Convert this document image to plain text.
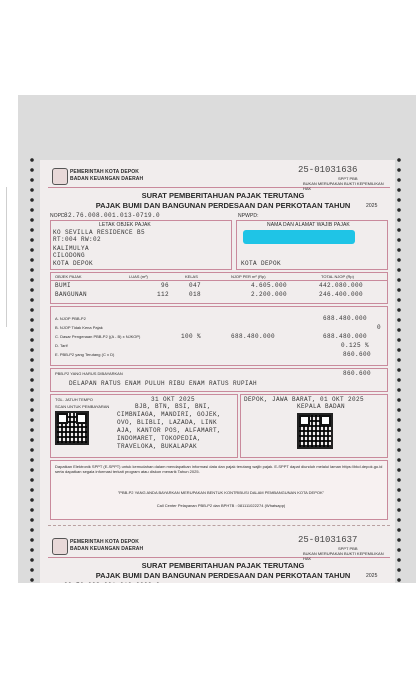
PEMERINTAH KOTA DEPOK
BADAN KEUANGAN DAERAH
25-01031636
SPPT PBB
BUKAN MERUPAKAN BUKTI KEPEMILIKAN HAK
SURAT PEMBERITAHUAN PAJAK TERUTANG
PAJAK BUMI DAN BANGUNAN PERDESAAN DAN PERKOTAAN TAHUN	2025
NOPD:
32.76.008.001.013-0719.0	NPWPD:
LETAK OBJEK PAJAK
KO SEVILLA RESIDENCE B5
RT:004 RW:02
KALIMULYA
CILODONG
KOTA DEPOK
NAMA DAN ALAMAT WAJIB PAJAK
KOTA DEPOK
OBJEK PAJAK	LUAS (m²)	KELAS	NJOP PER m² (Rp)	TOTAL NJOP (Rp)
BUMI	96	047	4.605.000	442.080.000
BANGUNAN	112	018	2.200.000	246.400.000
A. NJOP PBB-P2	688.480.000
B. NJOP Tidak Kena Pajak	0
C. Dasar Pengenaan PBB-P2 ((A - B) x NJKOP)	100 %	688.480.000	688.480.000
D. Tarif	0.125 %
E. PBB-P2 yang Terutang (C x D)	860.600
PBB-P2 YANG HARUS DIBAYARKAN	860.600
DELAPAN RATUS ENAM PULUH RIBU ENAM RATUS RUPIAH
TGL. JATUH TEMPO	31 OKT 2025
SCAN UNTUK PEMBAYARAN	BJB, BTN, BSI, BNI,
CIMBNIAGA, MANDIRI, GOJEK,
OVO, BLIBLI, LAZADA, LINK
AJA, KANTOR POS, ALFAMART,
INDOMARET, TOKOPEDIA,
TRAVELOKA, BUKALAPAK
DEPOK, JAWA BARAT, 01 OKT 2025
KEPALA BADAN
Dapatkan Elektronik SPPT (E-SPPT) untuk kemudahan dalam mendapatkan informasi data dan pajak terutang wajib pajak. E-SPPT dapat diunduh melalui laman https://bkd.depok.go.id serta dapatkan segala informasi terkait program atau diskon menarik Tahun 2025.
"PBB-P2 YANG ANDA BAYARKAN MERUPAKAN BENTUK KONTRIBUSI DALAM PEMBANGUNAN KOTA DEPOK"
Call Center Pelayanan PBB-P2 dan BPHTB : 081111022274 (Whatsapp)
PEMERINTAH KOTA DEPOK
BADAN KEUANGAN DAERAH
25-01031637
SPPT PBB
BUKAN MERUPAKAN BUKTI KEPEMILIKAN HAK
SURAT PEMBERITAHUAN PAJAK TERUTANG
PAJAK BUMI DAN BANGUNAN PERDESAAN DAN PERKOTAAN TAHUN	2025
